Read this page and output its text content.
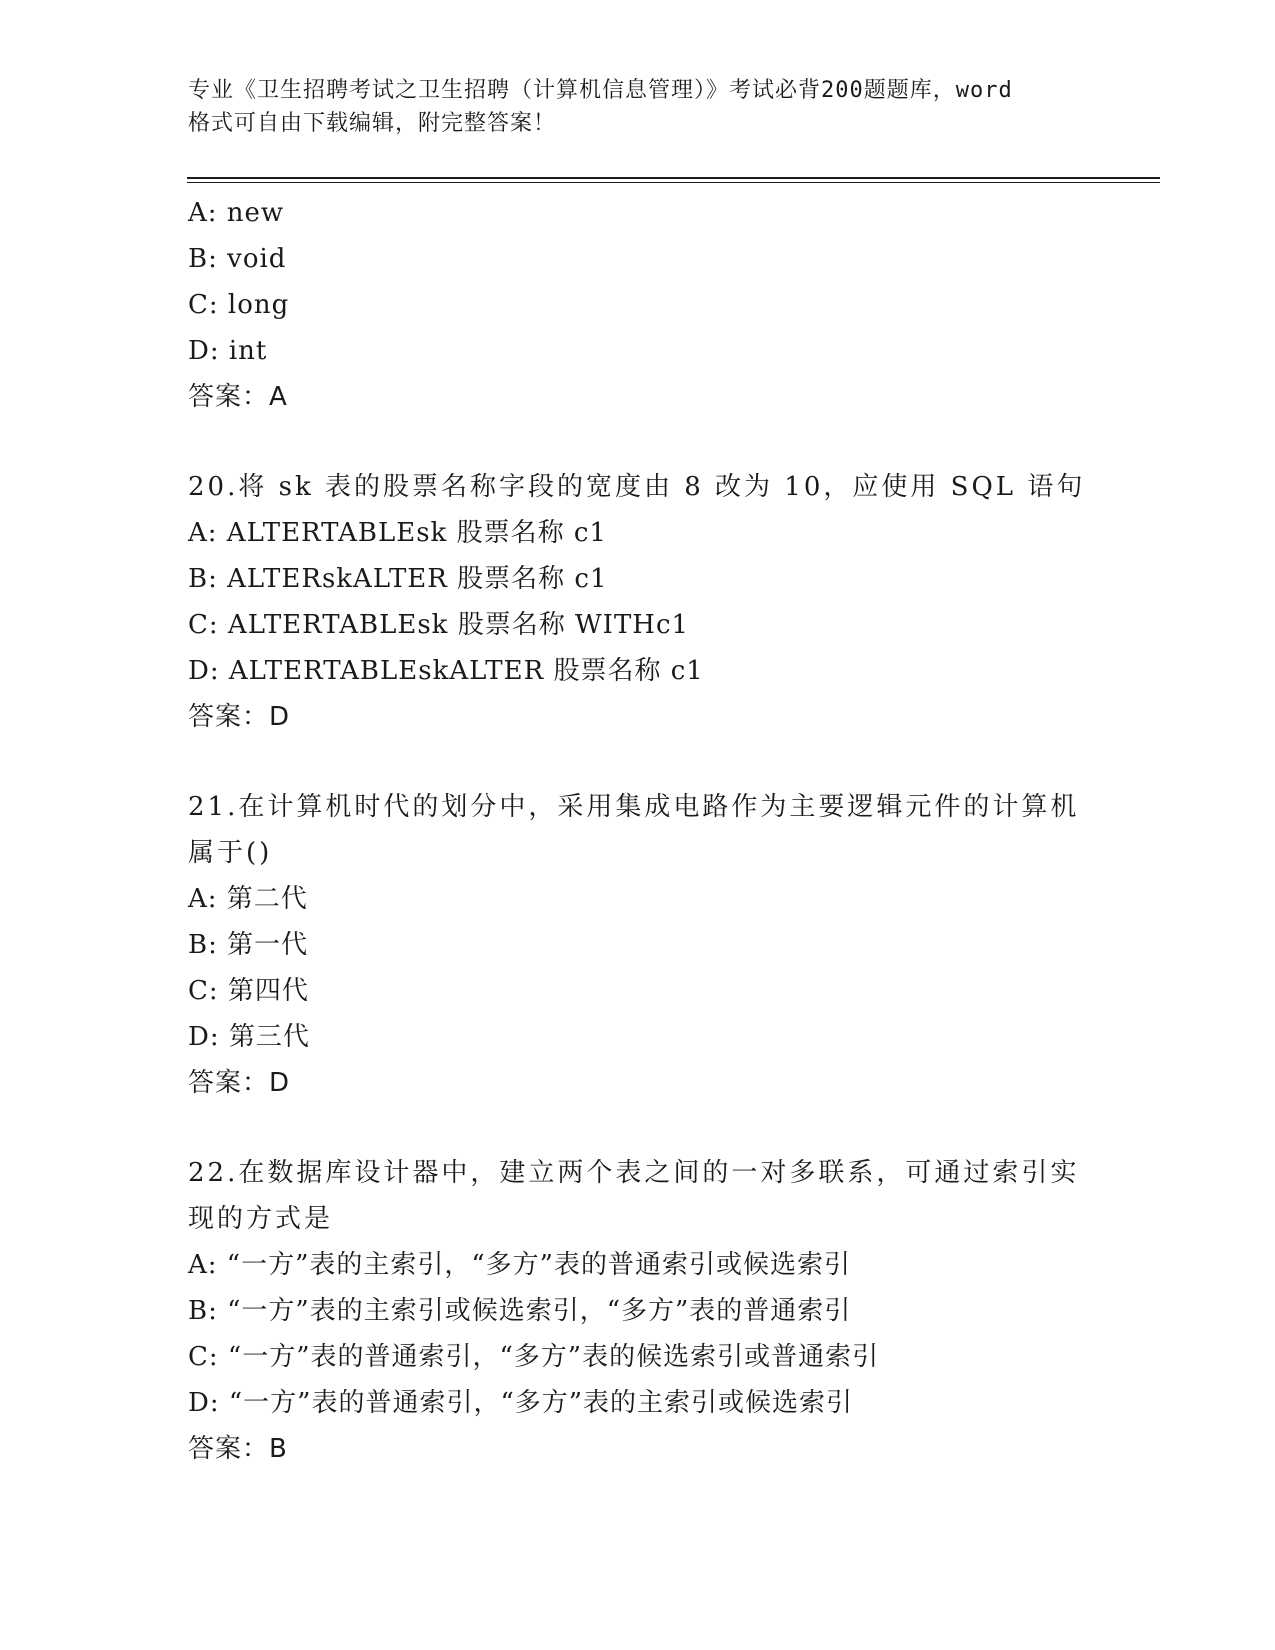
专业《卫生招聘考试之卫生招聘（计算机信息管理）》考试必背200题题库，word
格式可自由下载编辑，附完整答案！
A: new
B: void
C: long
D: int
答案：A
20.将 sk 表的股票名称字段的宽度由 8 改为 10，应使用 SQL 语句
A: ALTERTABLEsk 股票名称 c1
B: ALTERskALTER 股票名称 c1
C: ALTERTABLEsk 股票名称 WITHc1
D: ALTERTABLEskALTER 股票名称 c1
答案：D
21.在计算机时代的划分中，采用集成电路作为主要逻辑元件的计算机
属于()
A: 第二代
B: 第一代
C: 第四代
D: 第三代
答案：D
22.在数据库设计器中，建立两个表之间的一对多联系，可通过索引实
现的方式是
A: “一方”表的主索引，“多方”表的普通索引或候选索引
B: “一方”表的主索引或候选索引，“多方”表的普通索引
C: “一方”表的普通索引，“多方”表的候选索引或普通索引
D: “一方”表的普通索引，“多方”表的主索引或候选索引
答案：B
